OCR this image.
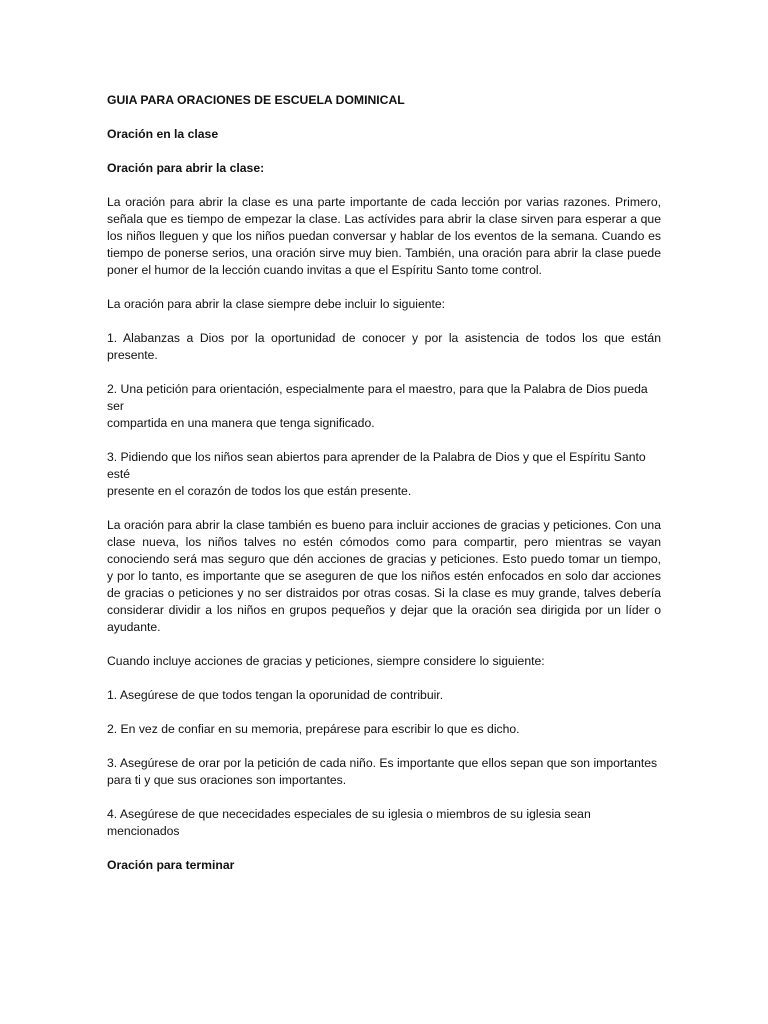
GUIA PARA ORACIONES DE ESCUELA DOMINICAL

Oración en la clase

Oración para abrir la clase:

La oración para abrir la clase es una parte importante de cada lección por varias razones. Primero, señala que es tiempo de empezar la clase. Las actívides para abrir la clase sirven para esperar a que los niños lleguen y que los niños puedan conversar y hablar de los eventos de la semana. Cuando es tiempo de ponerse serios, una oración sirve muy bien. También, una oración para abrir la clase puede poner el humor de la lección cuando invitas a que el Espíritu Santo tome control.

La oración para abrir la clase siempre debe incluir lo siguiente:

1. Alabanzas a Dios por la oportunidad de conocer y por la asistencia de todos los que están presente.

2. Una petición para orientación, especialmente para el maestro, para que la Palabra de Dios pueda ser
compartida en una manera que tenga significado.

3. Pidiendo que los niños sean abiertos para aprender de la Palabra de Dios y que el Espíritu Santo esté
presente en el corazón de todos los que están presente.

La oración para abrir la clase también es bueno para incluir acciones de gracias y peticiones. Con una clase nueva, los niños talves no estén cómodos como para compartir, pero mientras se vayan conociendo será mas seguro que dén acciones de gracias y peticiones. Esto puedo tomar un tiempo, y por lo tanto, es importante que se aseguren de que los niños estén enfocados en solo dar acciones de gracias o peticiones y no ser distraidos por otras cosas. Si la clase es muy grande, talves debería considerar dividir a los niños en grupos pequeños y dejar que la oración sea dirigida por un líder o ayudante.

Cuando incluye acciones de gracias y peticiones, siempre considere lo siguiente:

1. Asegúrese de que todos tengan la oporunidad de contribuir.

2. En vez de confiar en su memoria, prepárese para escribir lo que es dicho.

3. Asegúrese de orar por la petición de cada niño. Es importante que ellos sepan que son importantes
para ti y que sus oraciones son importantes.

4. Asegúrese de que nececidades especiales de su iglesia o miembros de su iglesia sean mencionados

Oración para terminar
